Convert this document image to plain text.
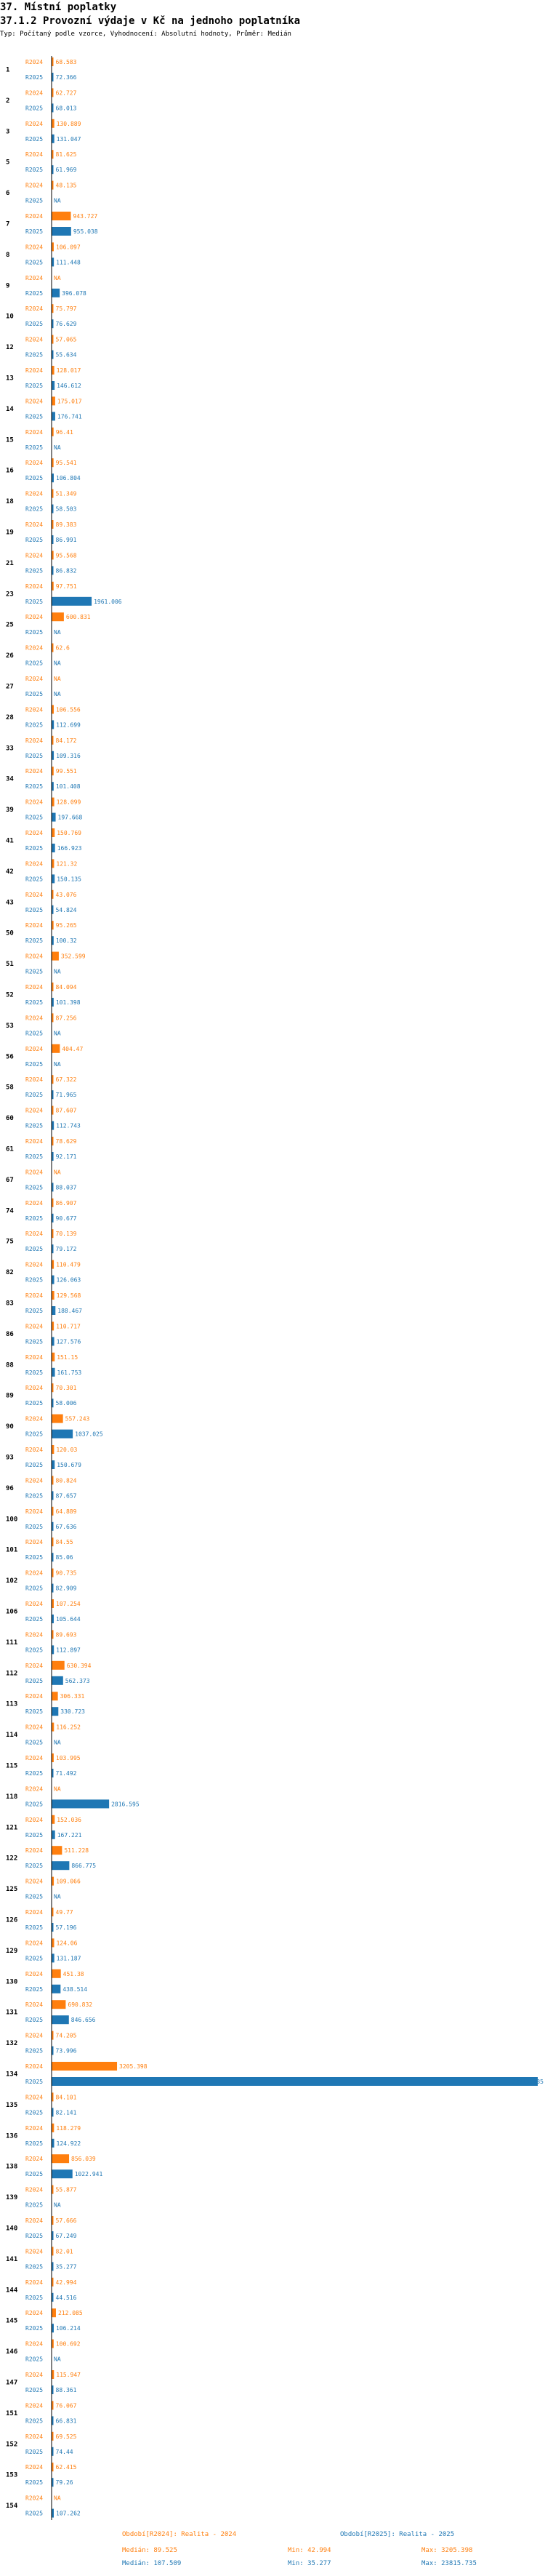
37. Místní poplatky
37.1.2 Provozní výdaje v Kč na jednoho poplatníka
Typ: Počítaný podle vzorce, Vyhodnocení: Absolutní hodnoty, Průměr: Medián
1
R2024 68.583
R2025 72.366
2
R2024 62.727
R2025 68.013
3
R2024 130.889
R2025 131.047
5
R2024 81.625
R2025 61.969
6
R2024 48.135
R2025 NA
7
R2024	943.727
R2025	955.038
8
R2024 106.097
R2025 111.448
9
R2024 NA
R2025	396.078
10
R2024 75.797
R2025 76.629
12
R2024 57.065
R2025 55.634
13
R2024 128.017
R2025 146.612
14
R2024 175.017
R2025 176.741
15
R2024 96.41
R2025 NA
16
R2024 95.541
R2025 106.804
18
R2024 51.349
R2025 58.503
19
R2024 89.383
R2025 86.991
21
R2024 95.568
R2025 86.832
23
R2024 97.751
R2025	1961.006
25
R2024	600.831
R2025 NA
26
R2024 62.6
R2025 NA
27
R2024 NA
R2025 NA
28
R2024 106.556
R2025 112.699
33
R2024 84.172
R2025 109.316
34
R2024 99.551
R2025 101.408
39
R2024 128.099
R2025	197.668
41
R2024 150.769
R2025 166.923
42
R2024 121.32
R2025 150.135
43
R2024 43.076
R2025 54.824
50
R2024 95.265
R2025 100.32
51
R2024	352.599
R2025 NA
52
R2024 84.094
R2025 101.398
53
R2024 87.256
R2025 NA
56
R2024	404.47
R2025 NA
58
R2024 67.322
R2025 71.965
60
R2024 87.607
R2025 112.743
61
R2024 78.629
R2025 92.171
67
R2024 NA
R2025 88.037
74
R2024 86.907
R2025 90.677
75
R2024 70.139
R2025 79.172
82
R2024 110.479
R2025 126.063
83
R2024 129.568
R2025	188.467
86
R2024 110.717
R2025 127.576
88
R2024 151.15
R2025 161.753
89
R2024 70.301
R2025 58.006
90
R2024	557.243
R2025	1037.025
93
R2024 120.03
R2025 150.679
96
R2024 80.824
R2025 87.657
100
R2024 64.889
R2025 67.636
101
R2024 84.55
R2025 85.06
102
R2024 90.735
R2025 82.909
106
R2024 107.254
R2025 105.644
111
R2024 89.693
R2025 112.897
112
R2024	630.394
R2025	562.373
113
R2024	306.331
R2025	330.723
114
R2024 116.252
R2025 NA
115
R2024 103.995
R2025 71.492
118
R2024 NA
R2025	2816.595
121
R2024 152.036
R2025 167.221
122
R2024	511.228
R2025	866.775
125
R2024 109.066
R2025 NA
126
R2024 49.77
R2025 57.196
129
R2024 124.06
R2025 131.187
130
R2024	451.38
R2025	438.514
131
R2024	690.832
R2025	846.656
132
R2024 74.205
R2025 73.996
134
R2024	3205.398
R2025	23815.735
135
R2024 84.101
R2025 82.141
136
R2024 118.279
R2025 124.922
138
R2024	856.039
R2025	1022.941
139
R2024 55.877
R2025 NA
140
R2024 57.666
R2025 67.249
141
R2024 82.01
R2025 35.277
144
R2024 42.994
R2025 44.516
145
R2024	212.085
R2025 106.214
146
R2024 100.692
R2025 NA
147
R2024 115.947
R2025 88.361
151
R2024 76.067
R2025 66.831
152
R2024 69.525
R2025 74.44
153
R2024 62.415
R2025 79.26
154
R2024 NA
R2025 107.262
Období[R2024]: Realita - 2024	Období[R2025]: Realita - 2025
Medián: 89.525	Min: 42.994	Max: 3205.398
Medián: 107.509	Min: 35.277	Max: 23815.735
